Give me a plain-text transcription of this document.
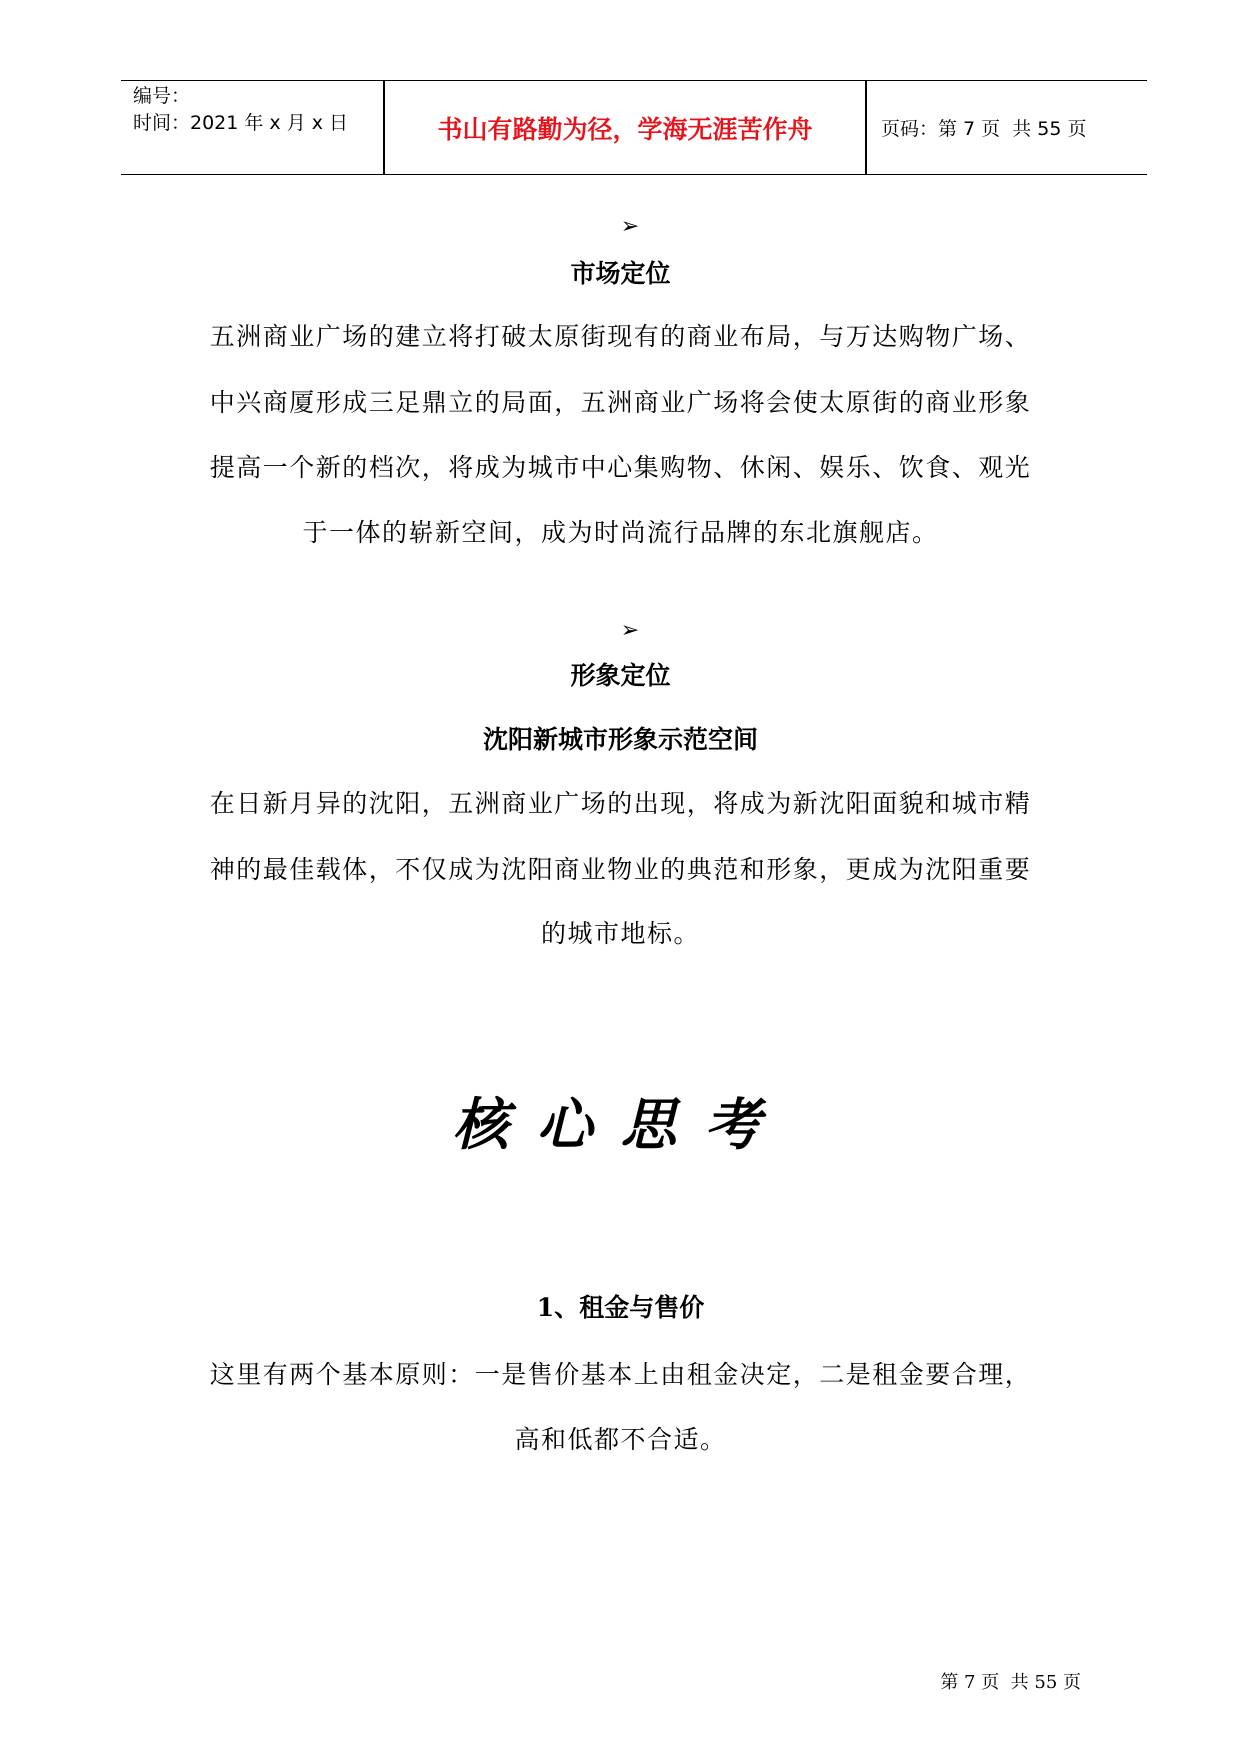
编号：
时间：2021 年 x 月 x 日	书山有路勤为径，学海无涯苦作舟	页码：第 7 页  共 55 页
➢
市场定位
五洲商业广场的建立将打破太原街现有的商业布局，与万达购物广场、
中兴商厦形成三足鼎立的局面，五洲商业广场将会使太原街的商业形象
提高一个新的档次，将成为城市中心集购物、休闲、娱乐、饮食、观光
于一体的崭新空间，成为时尚流行品牌的东北旗舰店。
➢
形象定位
沈阳新城市形象示范空间
在日新月异的沈阳，五洲商业广场的出现，将成为新沈阳面貌和城市精
神的最佳载体，不仅成为沈阳商业物业的典范和形象，更成为沈阳重要
的城市地标。
核心思考
1、租金与售价
这里有两个基本原则：一是售价基本上由租金决定，二是租金要合理，
高和低都不合适。
第 7 页  共 55 页
